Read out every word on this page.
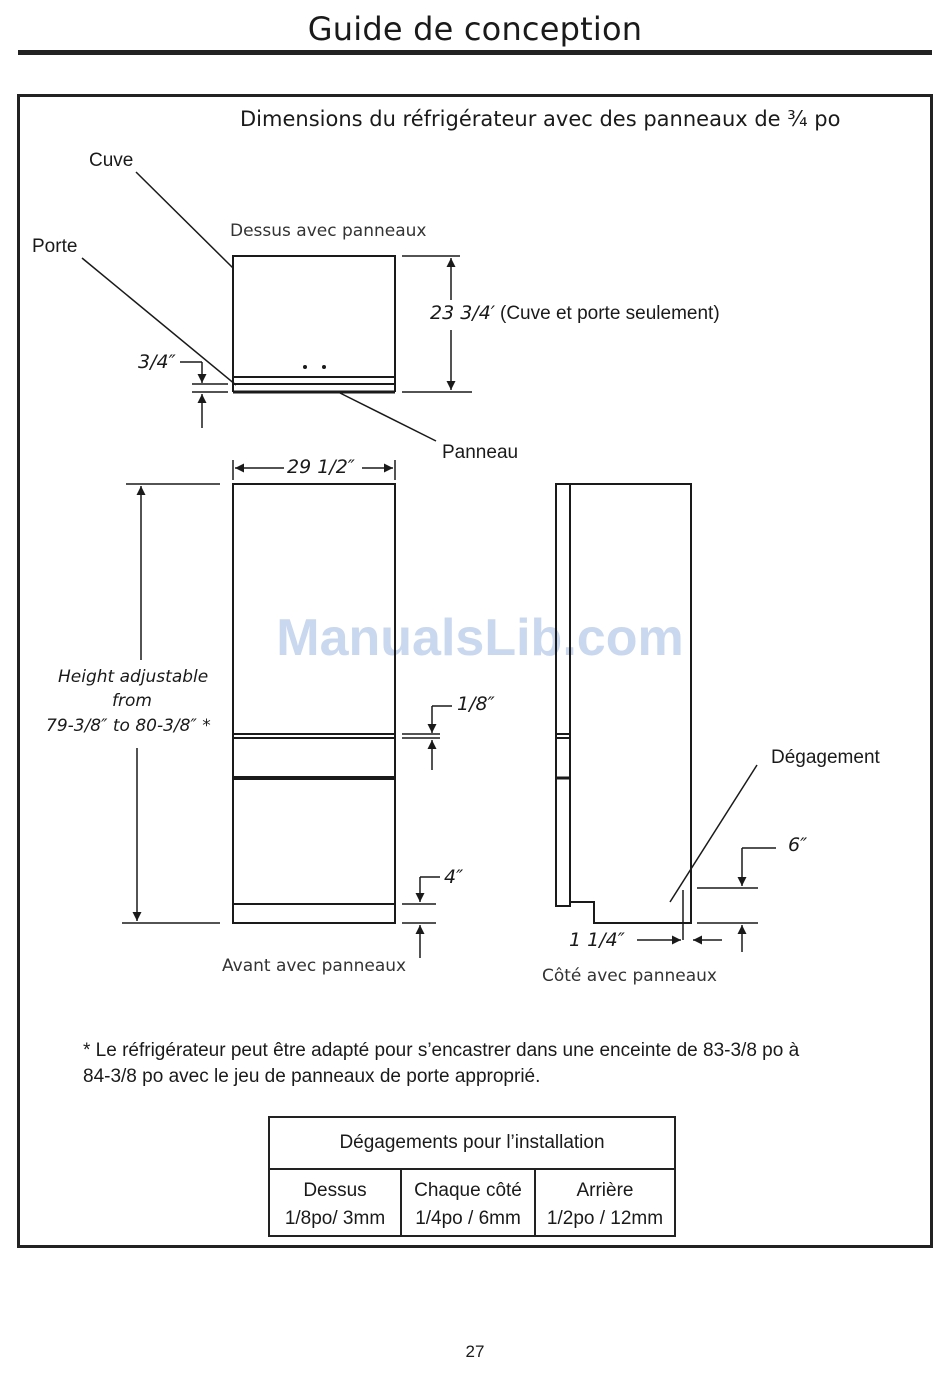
Guide de conception
ManualsLib.com
Dimensions du réfrigérateur avec des panneaux de ¾ po
Cuve
Porte
Dessus avec panneaux
23 3/4′ (Cuve et porte seulement)
3/4″
Panneau
29 1/2″
Height adjustable
from
79-3/8″ to 80-3/8″ *
1/8″
4″
Avant avec panneaux
Dégagement
6″
1 1/4″
Côté avec panneaux
* Le réfrigérateur peut être adapté pour s’encastrer dans une enceinte de 83-3/8 po à 84-3/8 po avec le jeu de panneaux de porte approprié.
Dégagements pour l’installation		
Dessus	Chaque côté	Arrière
1/8po/ 3mm	1/4po / 6mm	1/2po / 12mm
27
